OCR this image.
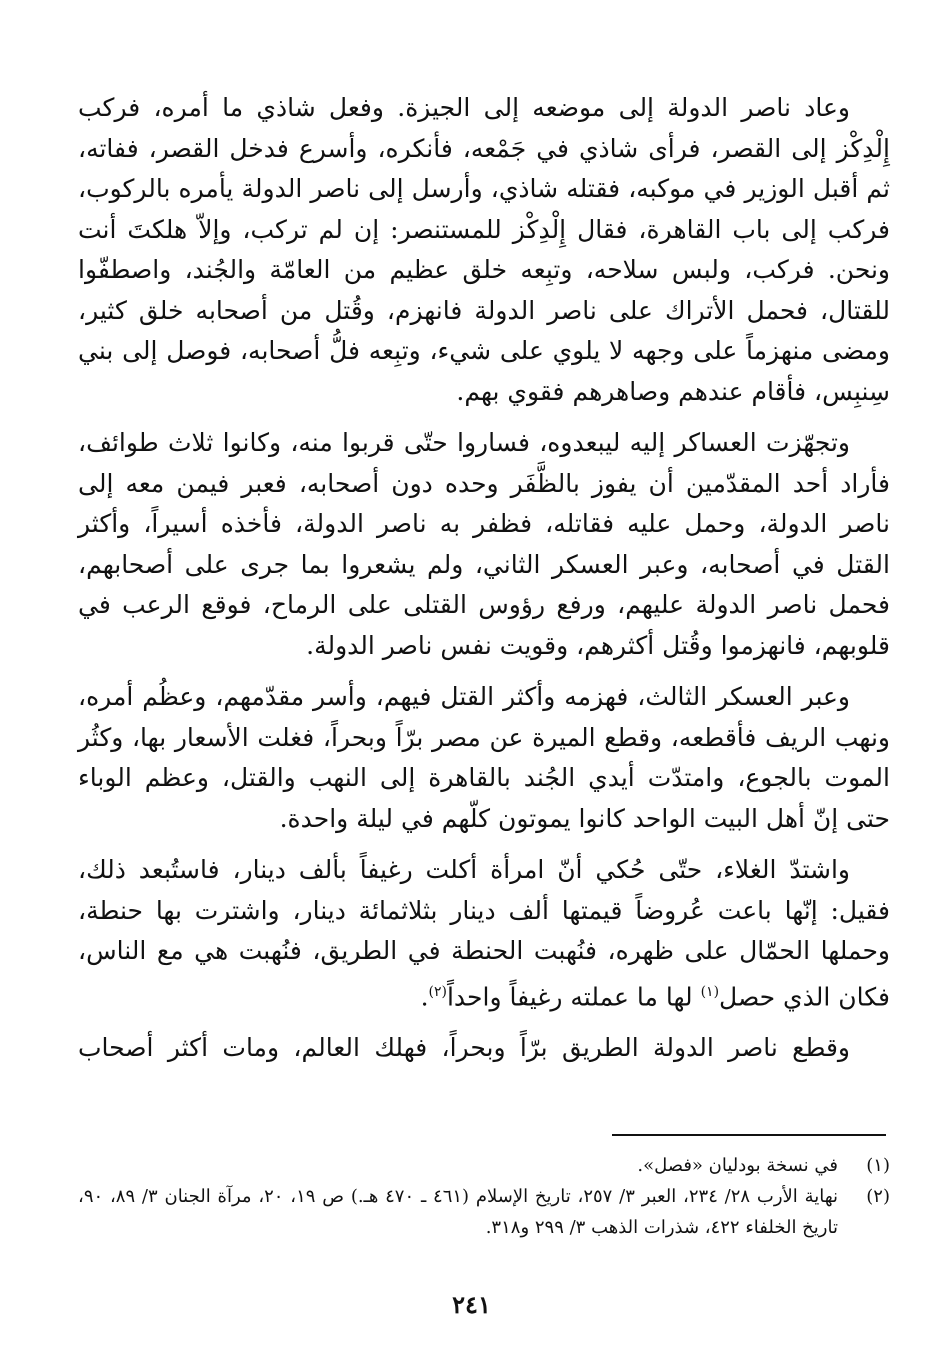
وعاد ناصر الدولة إلى موضعه إلى الجيزة. وفعل شاذي ما أمره، فركب إِلْدِكْز إلى القصر، فرأى شاذي في جَمْعه، فأنكره، وأسرع فدخل القصر، ففاته، ثم أقبل الوزير في موكبه، فقتله شاذي، وأرسل إلى ناصر الدولة يأمره بالركوب، فركب إلى باب القاهرة، فقال إِلْدِكْز للمستنصر: إن لم تركب، وإلاّ هلكتَ أنت ونحن. فركب، ولبس سلاحه، وتبِعه خلق عظيم من العامّة والجُند، واصطفّوا للقتال، فحمل الأتراك على ناصر الدولة فانهزم، وقُتل من أصحابه خلق كثير، ومضى منهزماً على وجهه لا يلوي على شيء، وتبِعه فلُّ أصحابه، فوصل إلى بني سِنبِس، فأقام عندهم وصاهرهم فقوي بهم.

وتجهّزت العساكر إليه ليبعدوه، فساروا حتّى قربوا منه، وكانوا ثلاث طوائف، فأراد أحد المقدّمين أن يفوز بالظَّفَر وحده دون أصحابه، فعبر فيمن معه إلى ناصر الدولة، وحمل عليه فقاتله، فظفر به ناصر الدولة، فأخذه أسيراً، وأكثر القتل في أصحابه، وعبر العسكر الثاني، ولم يشعروا بما جرى على أصحابهم، فحمل ناصر الدولة عليهم، ورفع رؤوس القتلى على الرماح، فوقع الرعب في قلوبهم، فانهزموا وقُتل أكثرهم، وقويت نفس ناصر الدولة.

وعبر العسكر الثالث، فهزمه وأكثر القتل فيهم، وأسر مقدّمهم، وعظُم أمره، ونهب الريف فأقطعه، وقطع الميرة عن مصر برّاً وبحراً، فغلت الأسعار بها، وكثُر الموت بالجوع، وامتدّت أيدي الجُند بالقاهرة إلى النهب والقتل، وعظم الوباء حتى إنّ أهل البيت الواحد كانوا يموتون كلّهم في ليلة واحدة.

واشتدّ الغلاء، حتّى حُكي أنّ امرأة أكلت رغيفاً بألف دينار، فاستُبعد ذلك، فقيل: إنّها باعت عُروضاً قيمتها ألف دينار بثلاثمائة دينار، واشترت بها حنطة، وحملها الحمّال على ظهره، فنُهبت الحنطة في الطريق، فنُهبت هي مع الناس، فكان الذي حصل$^{(١)}$ لها ما عملته رغيفاً واحداً$^{(٢)}$.

وقطع ناصر الدولة الطريق برّاً وبحراً، فهلك العالم، ومات أكثر أصحاب

(١)
في نسخة بودليان «فصل».
(٢)
نهاية الأرب ٢٨/ ٢٣٤، العبر ٣/ ٢٥٧، تاريخ الإسلام (٤٦١ ـ ٤٧٠ هـ.) ص ١٩، ٢٠، مرآة الجنان ٣/ ٨٩، ٩٠، تاريخ الخلفاء ٤٢٢، شذرات الذهب ٣/ ٢٩٩ و٣١٨.
٢٤١
